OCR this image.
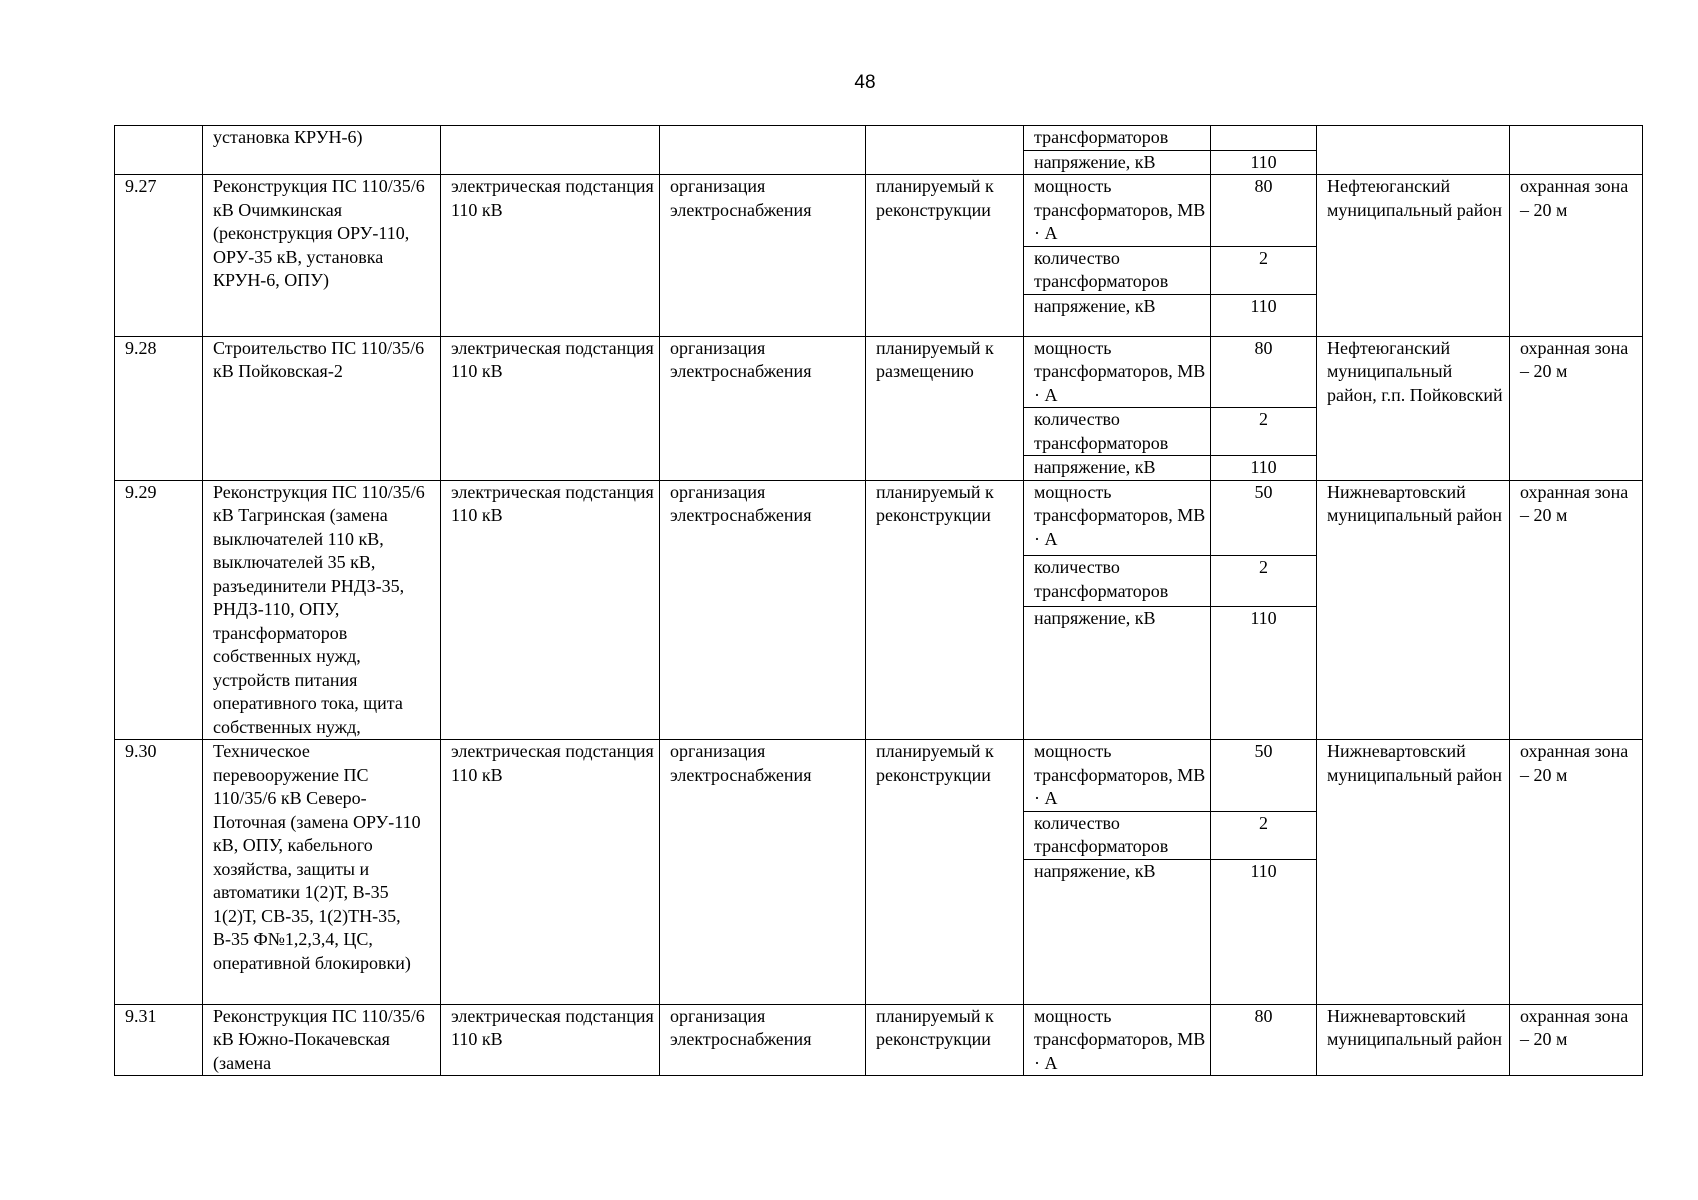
48
	установка КРУН-6)				трансформаторов			
					напряжение, кВ	110		
9.27	Реконструкция ПС 110/35/6 кВ Очимкинская (реконструкция ОРУ-110, ОРУ-35 кВ, установка КРУН-6, ОПУ)	электрическая подстанция 110 кВ	организация электроснабжения	планируемый к реконструкции	мощность трансформаторов, МВ · А	80	Нефтеюганский муниципальный район	охранная зона – 20 м
					количество трансформаторов	2		
					напряжение, кВ	110		
9.28	Строительство ПС 110/35/6 кВ Пойковская-2	электрическая подстанция 110 кВ	организация электроснабжения	планируемый к размещению	мощность трансформаторов, МВ · А	80	Нефтеюганский муниципальный район, г.п. Пойковский	охранная зона – 20 м
					количество трансформаторов	2		
					напряжение, кВ	110		
9.29	Реконструкция ПС 110/35/6 кВ Тагринская (замена выключателей 110 кВ, выключателей 35 кВ, разъединители РНДЗ-35, РНДЗ-110, ОПУ, трансформаторов собственных нужд, устройств питания оперативного тока, щита собственных нужд,	электрическая подстанция 110 кВ	организация электроснабжения	планируемый к реконструкции	мощность трансформаторов, МВ · А	50	Нижневартовский муниципальный район	охранная зона – 20 м
					количество трансформаторов	2		
					напряжение, кВ	110		
9.30	Техническое перевооружение ПС 110/35/6 кВ Северо-Поточная (замена ОРУ-110 кВ, ОПУ, кабельного хозяйства, защиты и автоматики 1(2)Т, В-35 1(2)Т, СВ-35, 1(2)ТН-35, В-35 Ф№1,2,3,4, ЦС, оперативной блокировки)	электрическая подстанция 110 кВ	организация электроснабжения	планируемый к реконструкции	мощность трансформаторов, МВ · А	50	Нижневартовский муниципальный район	охранная зона – 20 м
					количество трансформаторов	2		
					напряжение, кВ	110		
9.31	Реконструкция ПС 110/35/6 кВ Южно-Покачевская (замена	электрическая подстанция 110 кВ	организация электроснабжения	планируемый к реконструкции	мощность трансформаторов, МВ · А	80	Нижневартовский муниципальный район	охранная зона – 20 м
